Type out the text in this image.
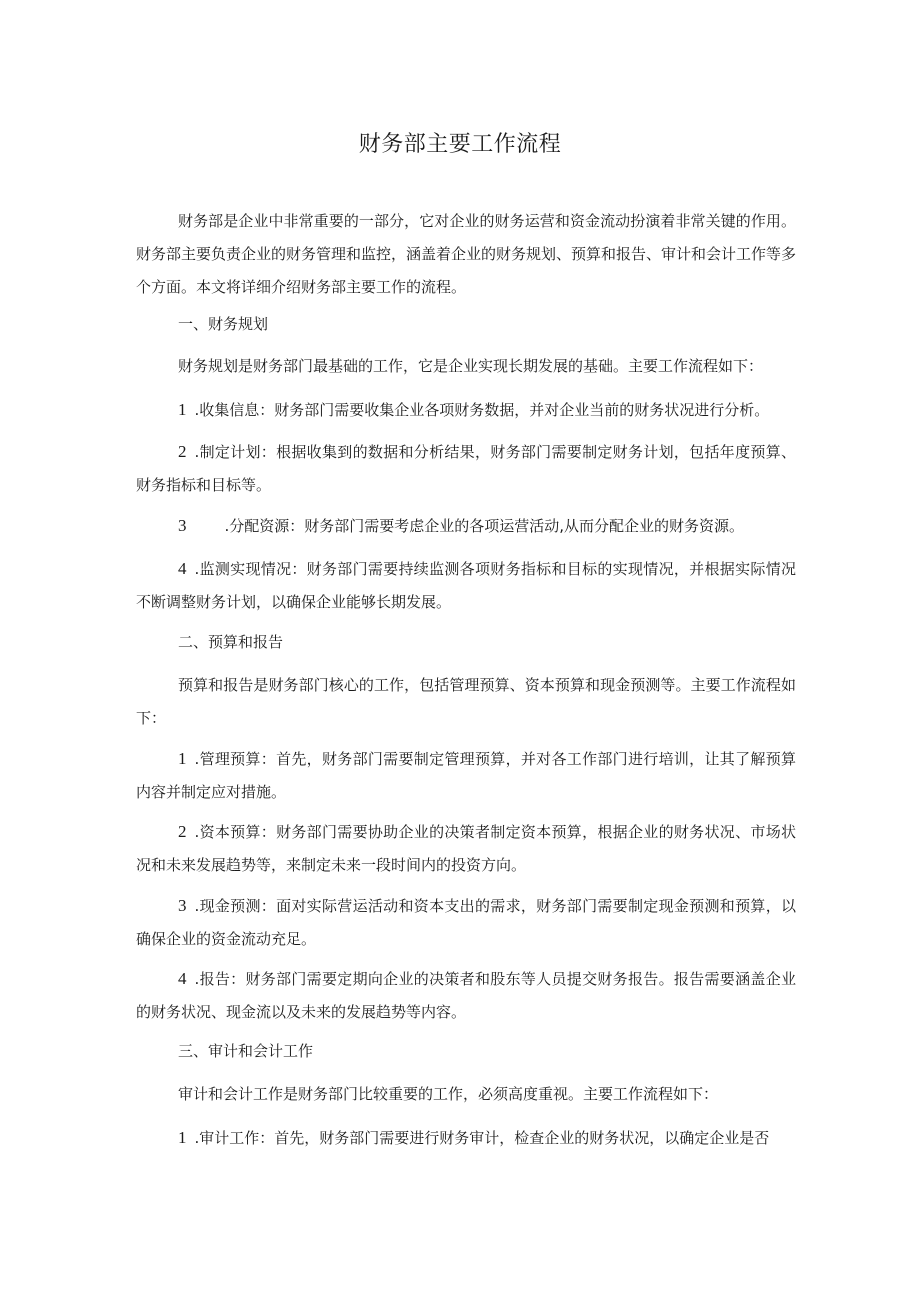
财务部主要工作流程

财务部是企业中非常重要的一部分，它对企业的财务运营和资金流动扮演着非常关键的作用。财务部主要负责企业的财务管理和监控，涵盖着企业的财务规划、预算和报告、审计和会计工作等多个方面。本文将详细介绍财务部主要工作的流程。

一、财务规划

财务规划是财务部门最基础的工作，它是企业实现长期发展的基础。主要工作流程如下：

1 .收集信息：财务部门需要收集企业各项财务数据，并对企业当前的财务状况进行分析。

2 .制定计划：根据收集到的数据和分析结果，财务部门需要制定财务计划，包括年度预算、财务指标和目标等。

3	.分配资源：财务部门需要考虑企业的各项运营活动,从而分配企业的财务资源。

4 .监测实现情况：财务部门需要持续监测各项财务指标和目标的实现情况，并根据实际情况不断调整财务计划，以确保企业能够长期发展。

二、预算和报告

预算和报告是财务部门核心的工作，包括管理预算、资本预算和现金预测等。主要工作流程如下：

1 .管理预算：首先，财务部门需要制定管理预算，并对各工作部门进行培训，让其了解预算内容并制定应对措施。

2 .资本预算：财务部门需要协助企业的决策者制定资本预算，根据企业的财务状况、市场状况和未来发展趋势等，来制定未来一段时间内的投资方向。

3 .现金预测：面对实际营运活动和资本支出的需求，财务部门需要制定现金预测和预算，以确保企业的资金流动充足。

4 .报告：财务部门需要定期向企业的决策者和股东等人员提交财务报告。报告需要涵盖企业的财务状况、现金流以及未来的发展趋势等内容。

三、审计和会计工作

审计和会计工作是财务部门比较重要的工作，必须高度重视。主要工作流程如下：

1 .审计工作：首先，财务部门需要进行财务审计，检查企业的财务状况，以确定企业是否
